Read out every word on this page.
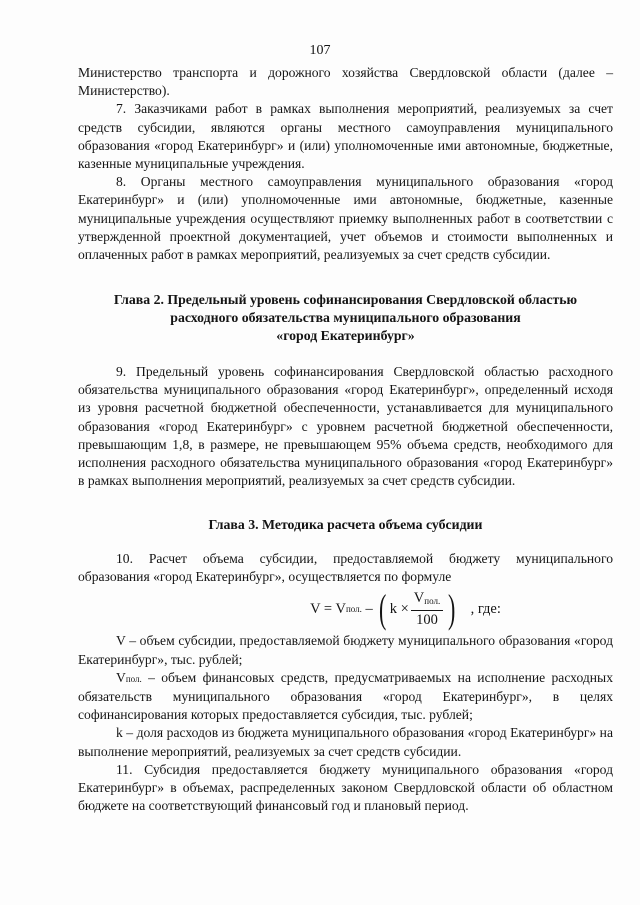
107

Министерство транспорта и дорожного хозяйства Свердловской области (далее – Министерство).

7. Заказчиками работ в рамках выполнения мероприятий, реализуемых за счет средств субсидии, являются органы местного самоуправления муниципального образования «город Екатеринбург» и (или) уполномоченные ими автономные, бюджетные, казенные муниципальные учреждения.

8. Органы местного самоуправления муниципального образования «город Екатеринбург» и (или) уполномоченные ими автономные, бюджетные, казенные муниципальные учреждения осуществляют приемку выполненных работ в соответствии с утвержденной проектной документацией, учет объемов и стоимости выполненных и оплаченных работ в рамках мероприятий, реализуемых за счет средств субсидии.

Глава 2. Предельный уровень софинансирования Свердловской областью
расходного обязательства муниципального образования
«город Екатеринбург»

9. Предельный уровень софинансирования Свердловской областью расходного обязательства муниципального образования «город Екатеринбург», определенный исходя из уровня расчетной бюджетной обеспеченности, устанавливается для муниципального образования «город Екатеринбург» с уровнем расчетной бюджетной обеспеченности, превышающим 1,8, в размере, не превышающем 95% объема средств, необходимого для исполнения расходного обязательства муниципального образования «город Екатеринбург» в рамках выполнения мероприятий, реализуемых за счет средств субсидии.

Глава 3. Методика расчета объема субсидии

10. Расчет объема субсидии, предоставляемой бюджету муниципального образования «город Екатеринбург», осуществляется по формуле

V = V пол. – ( $k \times \frac{V_{пол.}}{100}$ ) , где:

V – объем субсидии, предоставляемой бюджету муниципального образования «город Екатеринбург», тыс. рублей;

Vпол. – объем финансовых средств, предусматриваемых на исполнение расходных обязательств муниципального образования «город Екатеринбург», в целях софинансирования которых предоставляется субсидия, тыс. рублей;

k – доля расходов из бюджета муниципального образования «город Екатеринбург» на выполнение мероприятий, реализуемых за счет средств субсидии.

11. Субсидия предоставляется бюджету муниципального образования «город Екатеринбург» в объемах, распределенных законом Свердловской области об областном бюджете на соответствующий финансовый год и плановый период.
